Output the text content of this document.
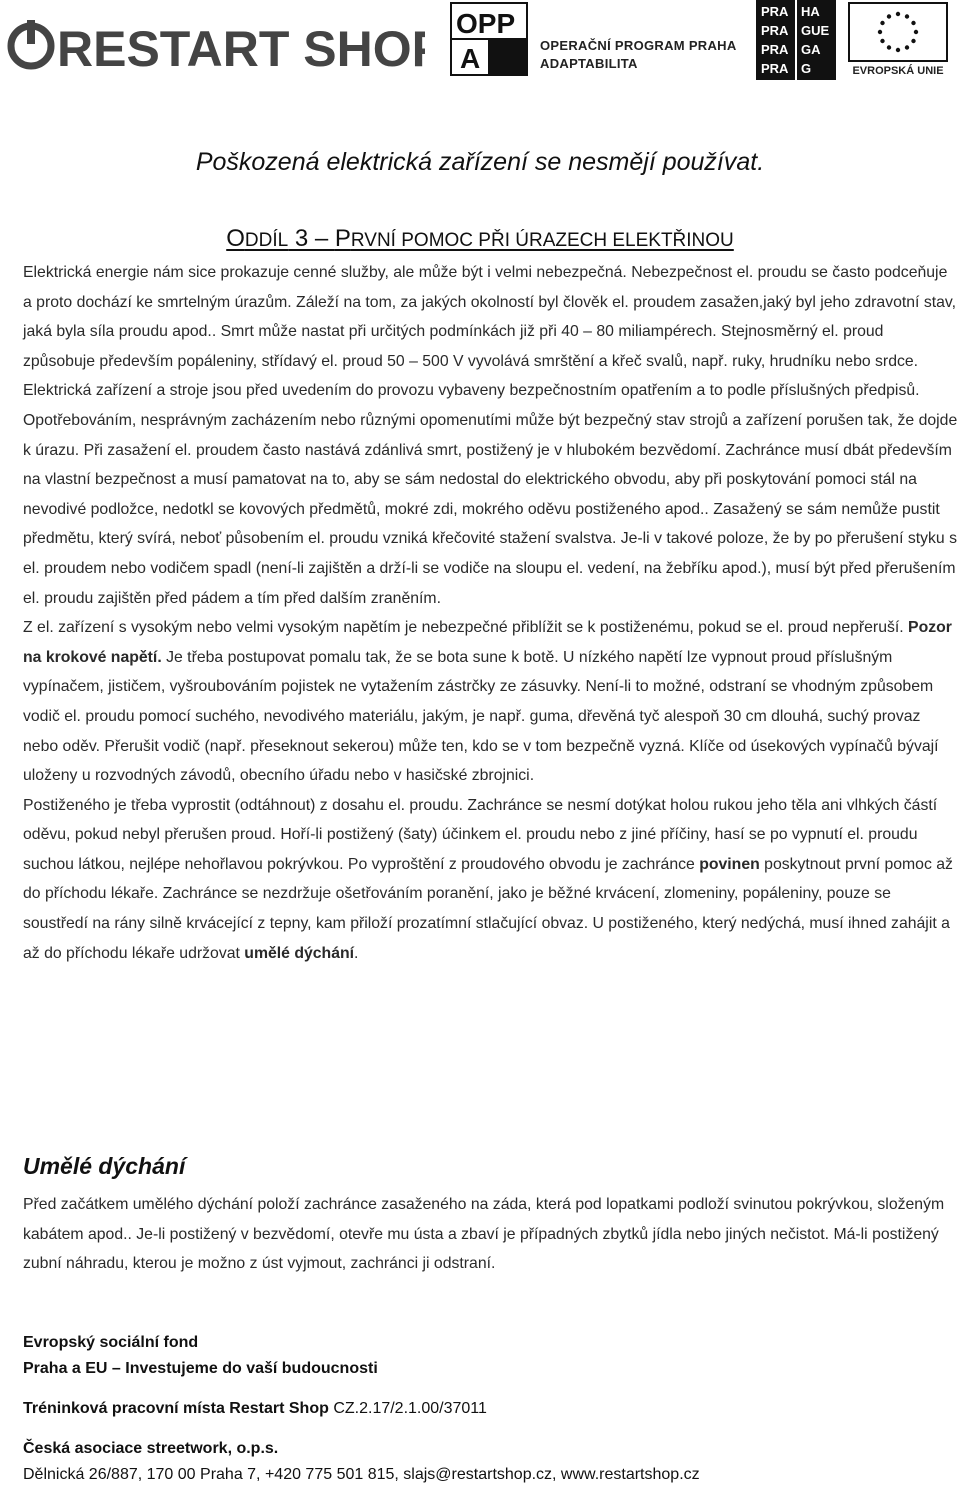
RESTART SHOP OPP
A	OPERAČNÍ PROGRAM PRAHA
ADAPTABILITA
PRA HA
PRA GUE
PRA GA
PRA G	EVROPSKÁ UNIE
Poškozená elektrická zařízení se nesmějí používat.
ODDÍL 3 – PRVNÍ POMOC PŘI ÚRAZECH ELEKTŘINOU

Elektrická energie nám sice prokazuje cenné služby, ale může být i velmi nebezpečná. Nebezpečnost el. proudu se často podceňuje a proto dochází ke smrtelným úrazům. Záleží na tom, za jakých okolností byl člověk el. proudem zasažen,jaký byl jeho zdravotní stav, jaká byla síla proudu apod.. Smrt může nastat při určitých podmínkách již při 40 – 80 miliampérech. Stejnosměrný el. proud způsobuje především popáleniny, střídavý el. proud 50 – 500 V vyvolává smrštění a křeč svalů, např. ruky, hrudníku nebo srdce. Elektrická zařízení a stroje jsou před uvedením do provozu vybaveny bezpečnostním opatřením a to podle příslušných předpisů. Opotřebováním, nesprávným zacházením nebo různými opomenutími může být bezpečný stav strojů a zařízení porušen tak, že dojde k úrazu. Při zasažení el. proudem často nastává zdánlivá smrt, postižený je v hlubokém bezvědomí. Zachránce musí dbát především na vlastní bezpečnost a musí pamatovat na to, aby se sám nedostal do elektrického obvodu, aby při poskytování pomoci stál na nevodivé podložce, nedotkl se kovových předmětů, mokré zdi, mokrého oděvu postiženého apod.. Zasažený se sám nemůže pustit předmětu, který svírá, neboť působením el. proudu vzniká křečovité stažení svalstva. Je-li v takové poloze, že by po přerušení styku s el. proudem nebo vodičem spadl (není-li zajištěn a drží-li se vodiče na sloupu el. vedení, na žebříku apod.), musí být před přerušením el. proudu zajištěn před pádem a tím před dalším zraněním.

Z el. zařízení s vysokým nebo velmi vysokým napětím je nebezpečné přiblížit se k postiženému, pokud se el. proud nepřeruší. Pozor na krokové napětí. Je třeba postupovat pomalu tak, že se bota sune k botě. U nízkého napětí lze vypnout proud příslušným vypínačem, jističem, vyšroubováním pojistek ne vytažením zástrčky ze zásuvky. Není-li to možné, odstraní se vhodným způsobem vodič el. proudu pomocí suchého, nevodivého materiálu, jakým, je např. guma, dřevěná tyč alespoň 30 cm dlouhá, suchý provaz nebo oděv. Přerušit vodič (např. přeseknout sekerou) může ten, kdo se v tom bezpečně vyzná. Klíče od úsekových vypínačů bývají uloženy u rozvodných závodů, obecního úřadu nebo v hasičské zbrojnici.

Postiženého je třeba vyprostit (odtáhnout) z dosahu el. proudu. Zachránce se nesmí dotýkat holou rukou jeho těla ani vlhkých částí oděvu, pokud nebyl přerušen proud. Hoří-li postižený (šaty) účinkem el. proudu nebo z jiné příčiny, hasí se po vypnutí el. proudu suchou látkou, nejlépe nehořlavou pokrývkou. Po vyproštění z proudového obvodu je zachránce povinen poskytnout první pomoc až do příchodu lékaře. Zachránce se nezdržuje ošetřováním poranění, jako je běžné krvácení, zlomeniny, popáleniny, pouze se soustředí na rány silně krvácející z tepny, kam přiloží prozatímní stlačující obvaz. U postiženého, který nedýchá, musí ihned zahájit a až do příchodu lékaře udržovat umělé dýchání.

Umělé dýchání

Před začátkem umělého dýchání položí zachránce zasaženého na záda, která pod lopatkami podloží svinutou pokrývkou, složeným kabátem apod.. Je-li postižený v bezvědomí, otevře mu ústa a zbaví je případných zbytků jídla nebo jiných nečistot. Má-li postižený zubní náhradu, kterou je možno z úst vyjmout, zachránci ji odstraní.

Evropský sociální fond
Praha a EU – Investujeme do vaší budoucnosti
Tréninková pracovní místa Restart Shop CZ.2.17/2.1.00/37011
Česká asociace streetwork, o.p.s.
Dělnická 26/887, 170 00 Praha 7, +420 775 501 815, slajs@restartshop.cz, www.restartshop.cz
